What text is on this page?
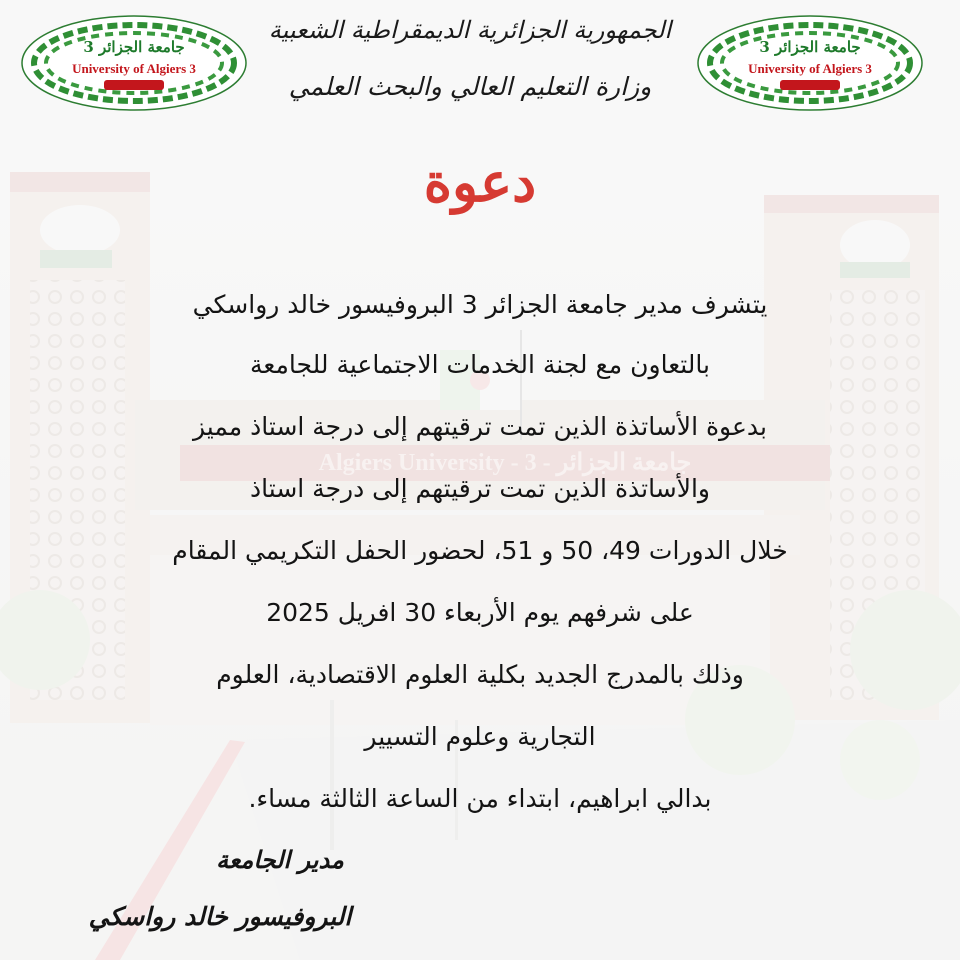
جامعة الجزائر 3
University of Algiers 3
جامعة الجزائر 3
University of Algiers 3
الجمهورية الجزائرية الديمقراطية الشعبية
وزارة التعليم العالي والبحث العلمي
دعوة
يتشرف مدير جامعة الجزائر 3 البروفيسور خالد رواسكي
بالتعاون مع لجنة الخدمات الاجتماعية للجامعة
بدعوة الأساتذة الذين تمت ترقيتهم إلى درجة استاذ مميز
والأساتذة الذين تمت ترقيتهم إلى درجة استاذ
خلال الدورات 49، 50 و 51، لحضور الحفل التكريمي المقام
على شرفهم يوم الأربعاء 30 افريل 2025
وذلك بالمدرج الجديد بكلية العلوم الاقتصادية، العلوم
التجارية وعلوم التسيير
بدالي ابراهيم، ابتداء من الساعة الثالثة مساء.
مدير الجامعة
البروفيسور خالد رواسكي
